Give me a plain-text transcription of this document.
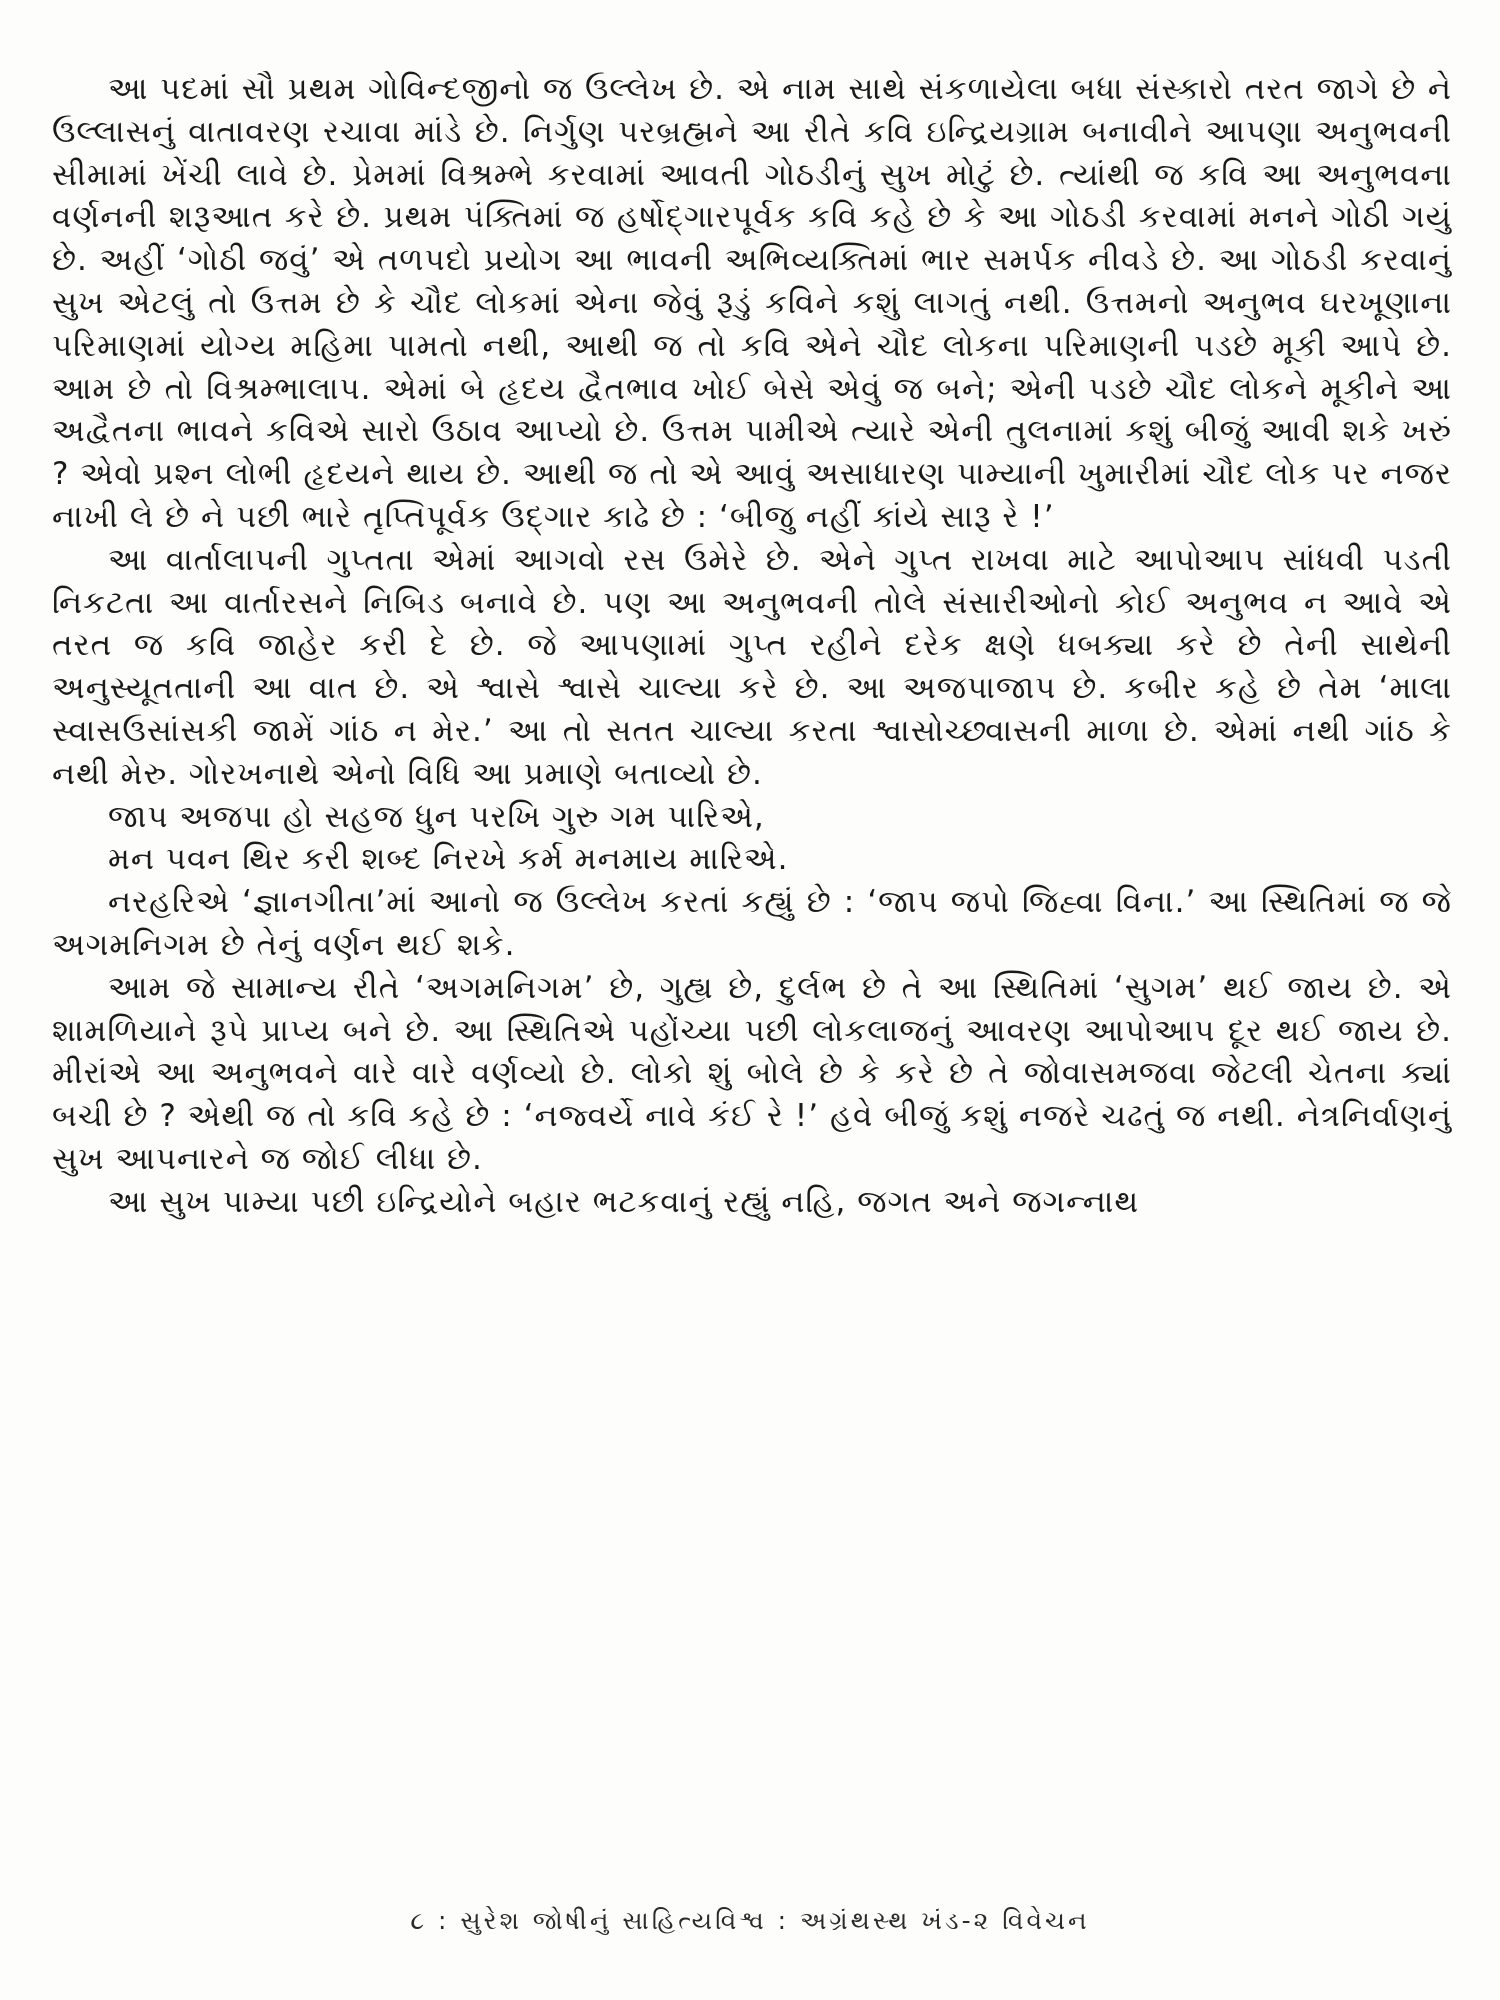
આ પદમાં સૌ પ્રથમ ગોવિન્દજીનો જ ઉલ્લેખ છે. એ નામ સાથે સંકળાયેલા બધા સંસ્કારો તરત જાગે છે ને ઉલ્લાસનું વાતાવરણ રચાવા માંડે છે. નિર્ગુણ પરબ્રહ્મને આ રીતે કવિ ઇન્દ્રિયગ્રામ બનાવીને આપણા અનુભવની સીમામાં ખેંચી લાવે છે. પ્રેમમાં વિશ્રમ્ભે કરવામાં આવતી ગોઠડીનું સુખ મોટું છે. ત્યાંથી જ કવિ આ અનુભવના વર્ણનની શરૂઆત કરે છે. પ્રથમ પંક્તિમાં જ હર્ષોદ્ગારપૂર્વક કવિ કહે છે કે આ ગોઠડી કરવામાં મનને ગોઠી ગયું છે. અહીં ‘ગોઠી જવું’ એ તળપદો પ્રયોગ આ ભાવની અભિવ્યક્તિમાં ભાર સમર્પક નીવડે છે. આ ગોઠડી કરવાનું સુખ એટલું તો ઉત્તમ છે કે ચૌદ લોકમાં એના જેવું રૂડું કવિને કશું લાગતું નથી. ઉત્તમનો અનુભવ ઘરખૂણાના પરિમાણમાં યોગ્ય મહિમા પામતો નથી, આથી જ તો કવિ એને ચૌદ લોકના પરિમાણની પડછે મૂકી આપે છે. આમ છે તો વિશ્રમ્ભાલાપ. એમાં બે હૃદય દ્વૈતભાવ ખોઈ બેસે એવું જ બને; એની પડછે ચૌદ લોકને મૂકીને આ અદ્વૈતના ભાવને કવિએ સારો ઉઠાવ આપ્યો છે. ઉત્તમ પામીએ ત્યારે એની તુલનામાં કશું બીજું આવી શકે ખરું ? એવો પ્રશ્ન લોભી હૃદયને થાય છે. આથી જ તો એ આવું અસાધારણ પામ્યાની ખુમારીમાં ચૌદ લોક પર નજર નાખી લે છે ને પછી ભારે તૃપ્તિપૂર્વક ઉદ્ગાર કાઢે છે : ‘બીજુ નહીં કાંયે સારૂ રે !’

આ વાર્તાલાપની ગુપ્તતા એમાં આગવો રસ ઉમેરે છે. એને ગુપ્ત રાખવા માટે આપોઆપ સાંધવી પડતી નિકટતા આ વાર્તારસને નિબિડ બનાવે છે. પણ આ અનુભવની તોલે સંસારીઓનો કોઈ અનુભવ ન આવે એ તરત જ કવિ જાહેર કરી દે છે. જે આપણામાં ગુપ્ત રહીને દરેક ક્ષણે ધબક્યા કરે છે તેની સાથેની અનુસ્યૂતતાની આ વાત છે. એ શ્વાસે શ્વાસે ચાલ્યા કરે છે. આ અજપાજાપ છે. કબીર કહે છે તેમ ‘માલા સ્વાસઉસાંસકી જામેં ગાંઠ ન મેર.’ આ તો સતત ચાલ્યા કરતા શ્વાસોચ્છ્વાસની માળા છે. એમાં નથી ગાંઠ કે નથી મેરુ. ગોરખનાથે એનો વિધિ આ પ્રમાણે બતાવ્યો છે.

જાપ અજપા હો સહજ ધુન પરખિ ગુરુ ગમ પારિએ,

મન પવન થિર કરી શબ્દ નિરખે કર્મ મનમાય મારિએ.

નરહરિએ ‘જ્ઞાનગીતા’માં આનો જ ઉલ્લેખ કરતાં કહ્યું છે : ‘જાપ જપો જિહ્વા વિના.’ આ સ્થિતિમાં જ જે અગમનિગમ છે તેનું વર્ણન થઈ શકે.

આમ જે સામાન્ય રીતે ‘અગમનિગમ’ છે, ગુહ્ય છે, દુર્લભ છે તે આ સ્થિતિમાં ‘સુગમ’ થઈ જાય છે. એ શામળિયાને રૂપે પ્રાપ્ય બને છે. આ સ્થિતિએ પહોંચ્યા પછી લોકલાજનું આવરણ આપોઆપ દૂર થઈ જાય છે. મીરાંએ આ અનુભવને વારે વારે વર્ણવ્યો છે. લોકો શું બોલે છે કે કરે છે તે જોવાસમજવા જેટલી ચેતના ક્યાં બચી છે ? એથી જ તો કવિ કહે છે : ‘નજ્વર્યે નાવે કંઈ રે !’ હવે બીજું કશું નજરે ચઢતું જ નથી. નેત્રનિર્વાણનું સુખ આપનારને જ જોઈ લીધા છે.

આ સુખ પામ્યા પછી ઇન્દ્રિયોને બહાર ભટકવાનું રહ્યું નહિ, જગત અને જગન્નાથ

૮ : સુરેશ જોષીનું સાહિત્યવિશ્વ : અગ્રંથસ્થ ખંડ-૨ વિવેચન
